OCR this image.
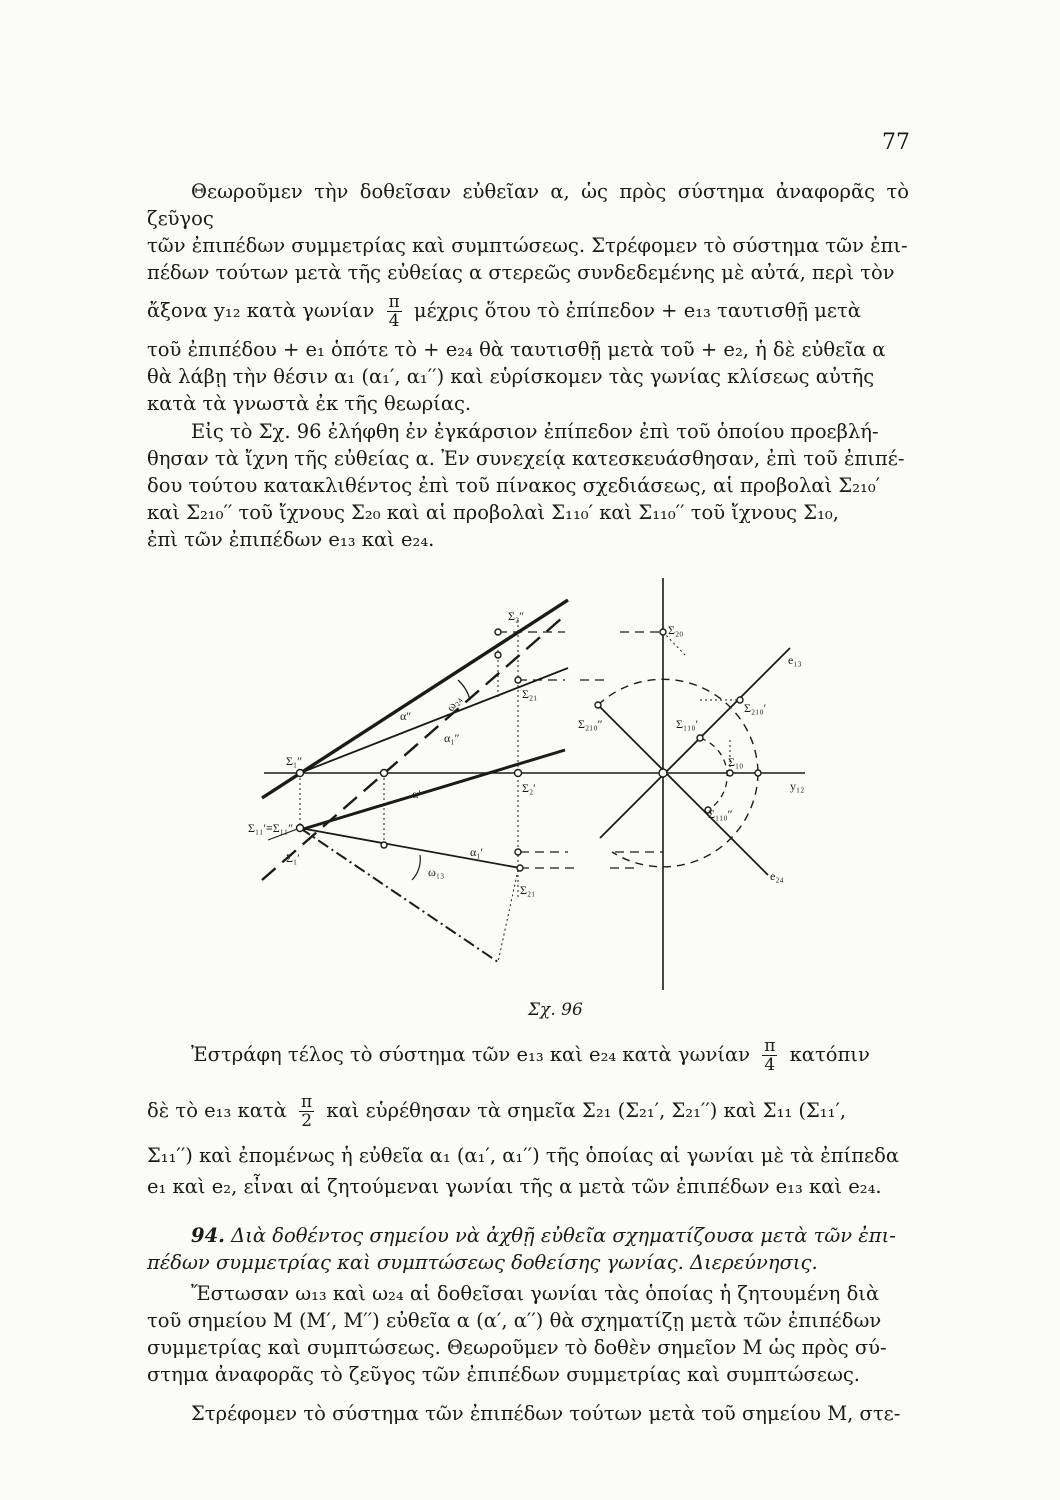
77

Θεωροῦμεν τὴν δοθεῖσαν εὐθεῖαν α, ὡς πρὸς σύστημα ἀναφορᾶς τὸ ζεῦγος

τῶν ἐπιπέδων συμμετρίας καὶ συμπτώσεως. Στρέφομεν τὸ σύστημα τῶν ἐπι-
πέδων τούτων μετὰ τῆς εὐθείας α στερεῶς συνδεδεμένης μὲ αὐτά, περὶ τὸν
ἄξονα y₁₂ κατὰ γωνίαν $\frac{\pi}{4}$ μέχρις ὅτου τὸ ἐπίπεδον + e₁₃ ταυτισθῇ μετὰ
τοῦ ἐπιπέδου + e₁ ὁπότε τὸ + e₂₄ θὰ ταυτισθῇ μετὰ τοῦ + e₂, ἡ δὲ εὐθεῖα α
θὰ λάβῃ τὴν θέσιν α₁ (α₁′, α₁′′) καὶ εὑρίσκομεν τὰς γωνίας κλίσεως αὐτῆς
κατὰ τὰ γνωστὰ ἐκ τῆς θεωρίας.

Εἰς τὸ Σχ. 96 ἐλήφθη ἐν ἐγκάρσιον ἐπίπεδον ἐπὶ τοῦ ὁποίου προεβλή-

θησαν τὰ ἴχνη τῆς εὐθείας α. Ἐν συνεχείᾳ κατεσκευάσθησαν, ἐπὶ τοῦ ἐπιπέ-
δου τούτου κατακλιθέντος ἐπὶ τοῦ πίνακος σχεδιάσεως, αἱ προβολαὶ Σ₂₁₀′
καὶ Σ₂₁₀′′ τοῦ ἴχνους Σ₂₀ καὶ αἱ προβολαὶ Σ₁₁₀′ καὶ Σ₁₁₀′′ τοῦ ἴχνους Σ₁₀,
ἐπὶ τῶν ἐπιπέδων e₁₃ καὶ e₂₄.
Σ₂″
Σ₂₁
α″
ω₂₄
α₁″
Σ₁″
Σ₂′
α′
Σ₁₁′≡Σ₁₁″
Σ₁′	α₁′
ω₁₃
Σ₂₁
Σ₂₀
e₁₃
Σ₂₁₀″
Σ₂₁₀′
Σ₁₁₀′
Σ₁₀
y₁₂
Σ₁₁₀″
e₂₄
Σχ. 96
Ἐστράφη τέλος τὸ σύστημα τῶν e₁₃ καὶ e₂₄ κατὰ γωνίαν $\frac{\pi}{4}$ κατόπιν
δὲ τὸ e₁₃ κατὰ $\frac{\pi}{2}$ καὶ εὑρέθησαν τὰ σημεῖα Σ₂₁ (Σ₂₁′, Σ₂₁′′) καὶ Σ₁₁ (Σ₁₁′,
Σ₁₁′′) καὶ ἐπομένως ἡ εὐθεῖα α₁ (α₁′, α₁′′) τῆς ὁποίας αἱ γωνίαι μὲ τὰ ἐπίπεδα
e₁ καὶ e₂, εἶναι αἱ ζητούμεναι γωνίαι τῆς α μετὰ τῶν ἐπιπέδων e₁₃ καὶ e₂₄.
94. Διὰ δοθέντος σημείου νὰ ἀχθῇ εὐθεῖα σχηματίζουσα μετὰ τῶν ἐπι-
πέδων συμμετρίας καὶ συμπτώσεως δοθείσης γωνίας. Διερεύνησις.

Ἔστωσαν ω₁₃ καὶ ω₂₄ αἱ δοθεῖσαι γωνίαι τὰς ὁποίας ἡ ζητουμένη διὰ

τοῦ σημείου Μ (Μ′, Μ′′) εὐθεῖα α (α′, α′′) θὰ σχηματίζῃ μετὰ τῶν ἐπιπέδων
συμμετρίας καὶ συμπτώσεως. Θεωροῦμεν τὸ δοθὲν σημεῖον Μ ὡς πρὸς σύ-
στημα ἀναφορᾶς τὸ ζεῦγος τῶν ἐπιπέδων συμμετρίας καὶ συμπτώσεως.

Στρέφομεν τὸ σύστημα τῶν ἐπιπέδων τούτων μετὰ τοῦ σημείου Μ, στε-
